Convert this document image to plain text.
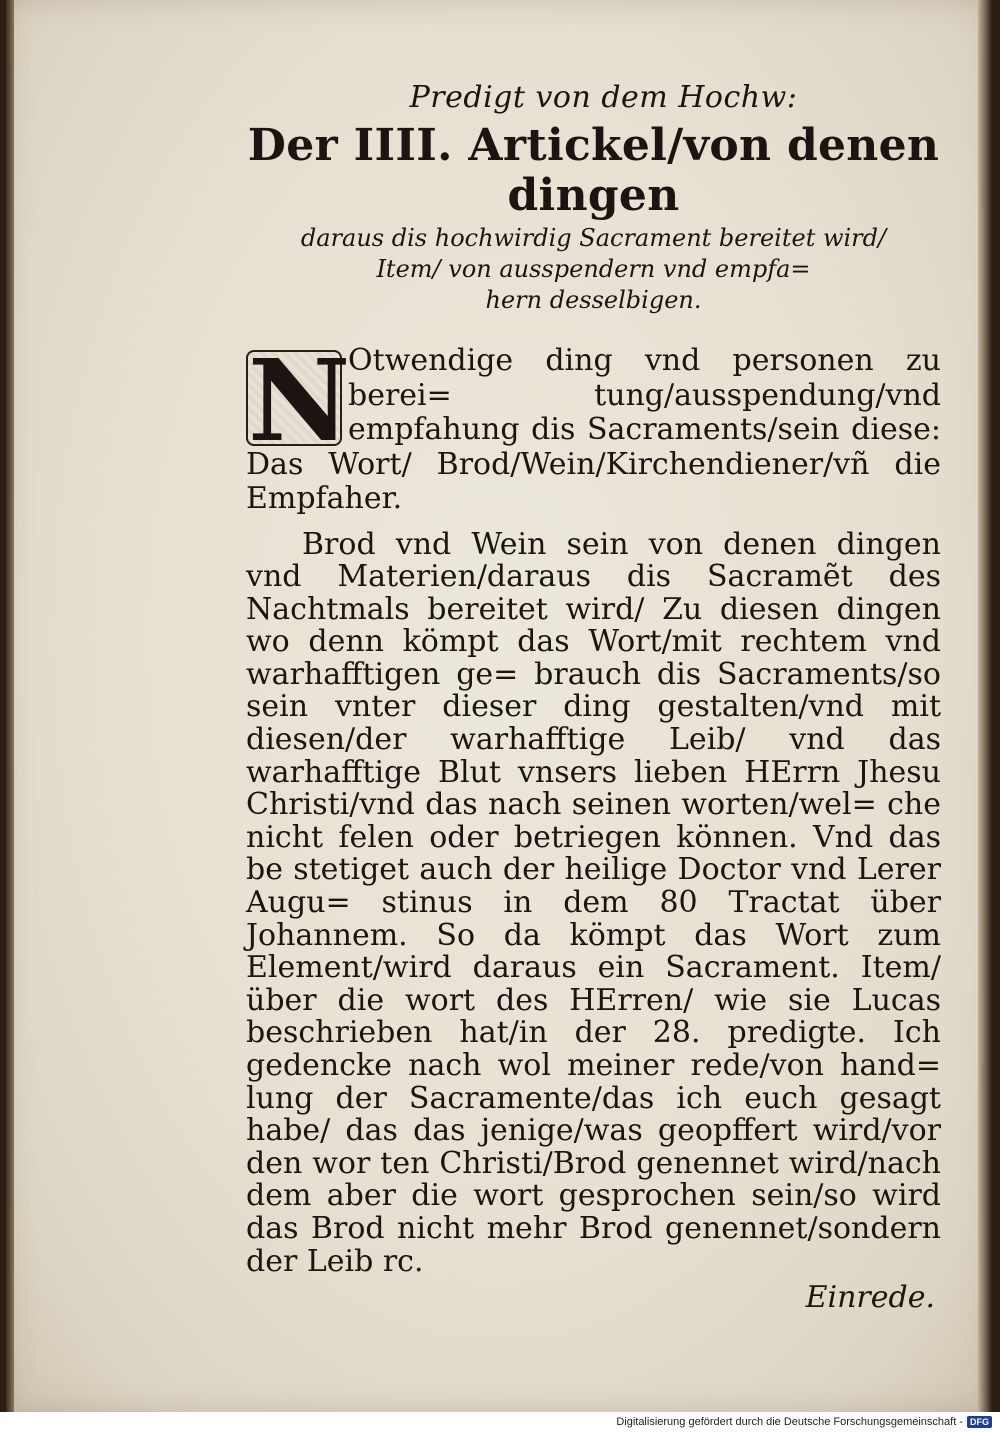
Predigt von dem Hochw:
Der IIII. Artickel/von denen dingen
daraus dis hochwirdig Sacrament bereitet wird/
Item/ von ausspendern vnd empfa=
hern desselbigen.
N
Otwendige ding vnd personen zu berei= tung/ausspendung/vnd empfahung dis Sacraments/sein diese: Das Wort/ Brod/Wein/Kirchendiener/vñ die Empfaher.
Brod vnd Wein sein von denen dingen vnd Materien/daraus dis Sacramẽt des Nachtmals bereitet wird/ Zu diesen dingen wo denn kömpt das Wort/mit rechtem vnd warhafftigen ge= brauch dis Sacraments/so sein vnter dieser ding gestalten/vnd mit diesen/der warhafftige Leib/ vnd das warhafftige Blut vnsers lieben HErrn Jhesu Christi/vnd das nach seinen worten/wel= che nicht felen oder betriegen können. Vnd das be stetiget auch der heilige Doctor vnd Lerer Augu= stinus in dem 80 Tractat über Johannem. So da kömpt das Wort zum Element/wird daraus ein Sacrament. Item/über die wort des HErren/ wie sie Lucas beschrieben hat/in der 28. predigte. Ich gedencke nach wol meiner rede/von hand= lung der Sacramente/das ich euch gesagt habe/ das das jenige/was geopffert wird/vor den wor ten Christi/Brod genennet wird/nach dem aber die wort gesprochen sein/so wird das Brod nicht mehr Brod genennet/sondern der Leib rc.
Einrede.
Digitalisierung gefördert durch die Deutsche Forschungsgemeinschaft - DFG
